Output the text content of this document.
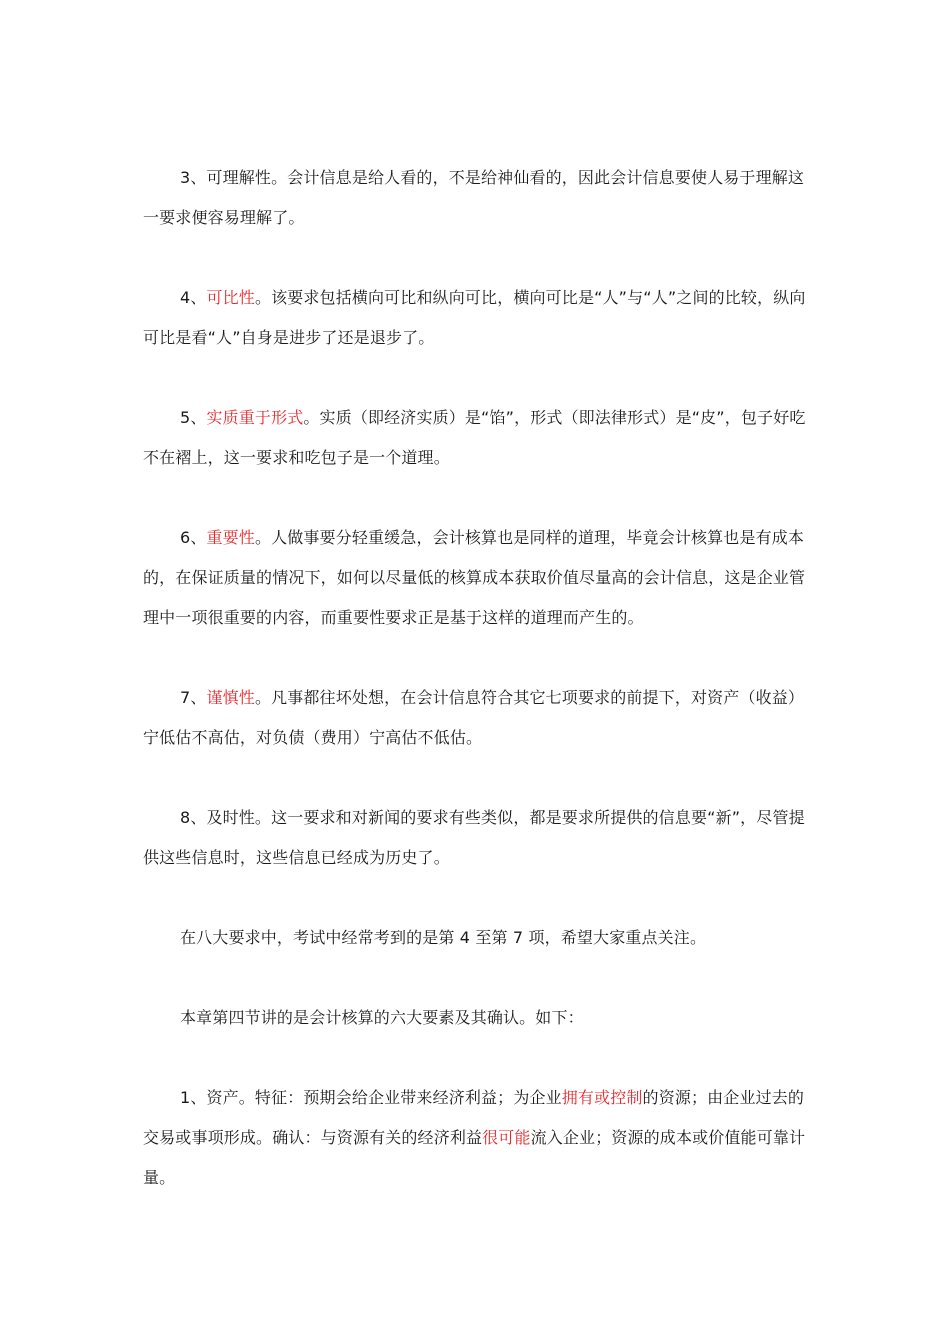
3、可理解性。会计信息是给人看的，不是给神仙看的，因此会计信息要使人易于理解这一要求便容易理解了。

4、可比性。该要求包括横向可比和纵向可比，横向可比是“人”与“人”之间的比较，纵向可比是看“人”自身是进步了还是退步了。

5、实质重于形式。实质（即经济实质）是“馅”，形式（即法律形式）是“皮”，包子好吃不在褶上，这一要求和吃包子是一个道理。

6、重要性。人做事要分轻重缓急，会计核算也是同样的道理，毕竟会计核算也是有成本的，在保证质量的情况下，如何以尽量低的核算成本获取价值尽量高的会计信息，这是企业管理中一项很重要的内容，而重要性要求正是基于这样的道理而产生的。

7、谨慎性。凡事都往坏处想，在会计信息符合其它七项要求的前提下，对资产（收益）宁低估不高估，对负债（费用）宁高估不低估。

8、及时性。这一要求和对新闻的要求有些类似，都是要求所提供的信息要“新”，尽管提供这些信息时，这些信息已经成为历史了。

在八大要求中，考试中经常考到的是第 4 至第 7 项，希望大家重点关注。

本章第四节讲的是会计核算的六大要素及其确认。如下：

1、资产。特征：预期会给企业带来经济利益；为企业拥有或控制的资源；由企业过去的交易或事项形成。确认：与资源有关的经济利益很可能流入企业；资源的成本或价值能可靠计量。
